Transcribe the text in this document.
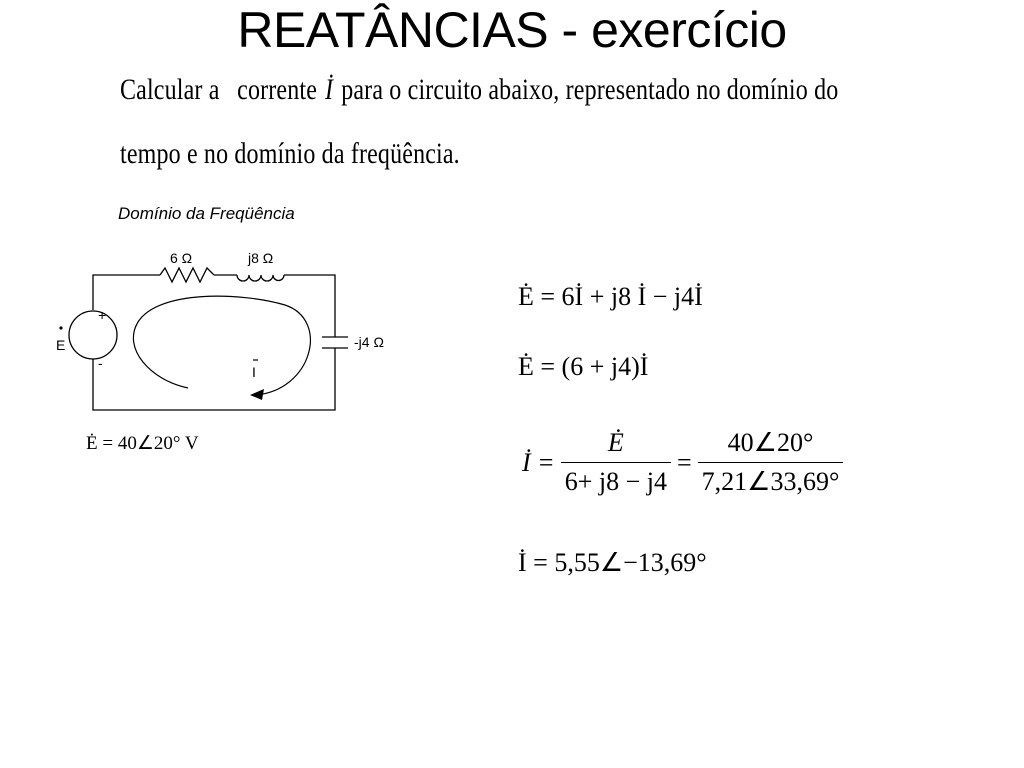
REATÂNCIAS - exercício
Calcular a corrente İ para o circuito abaixo, representado no domínio do
tempo e no domínio da freqüência.
Domínio da Freqüência
6 Ω	j8 Ω
-j4 Ω
E
+
-
I
Ė = 40∠20° V
Ė = 6İ + j8 İ − j4İ
Ė = (6 + j4)İ
İ = $\frac{Ė}{6+ j8 - j4} = \frac{40\angle 20^\circ}{7,21\angle 33,69^\circ}$
İ = 5,55∠−13,69°
